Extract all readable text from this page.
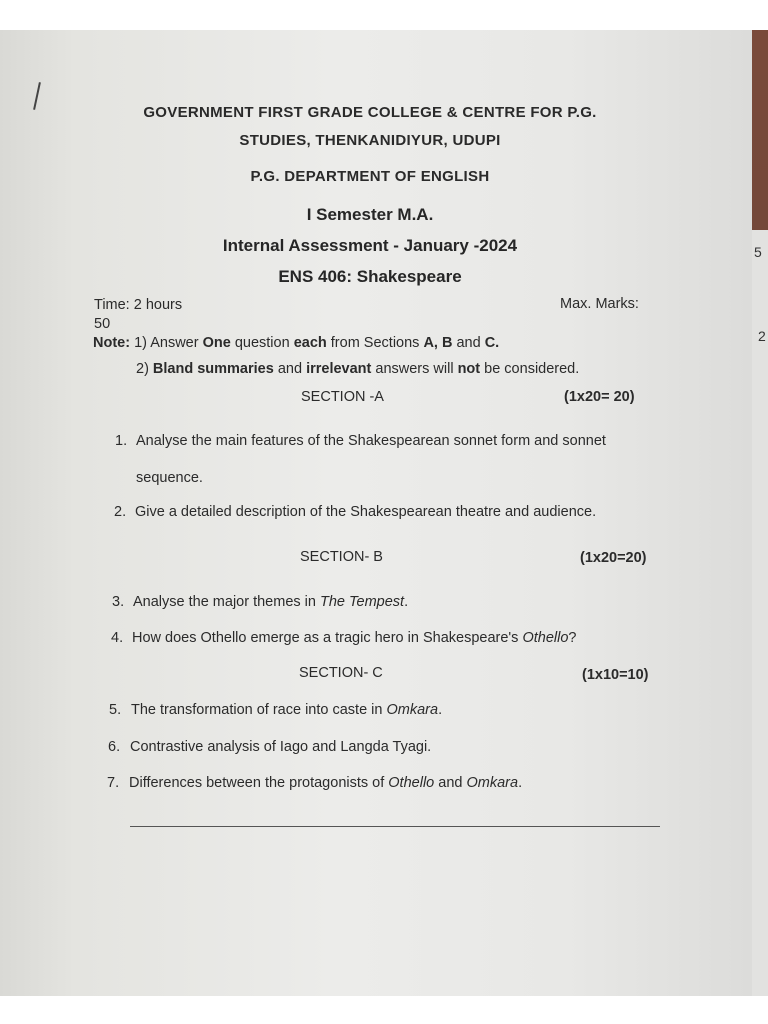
5
2
GOVERNMENT FIRST GRADE COLLEGE & CENTRE FOR P.G.
STUDIES, THENKANIDIYUR, UDUPI
P.G. DEPARTMENT OF ENGLISH
I Semester M.A.
Internal Assessment - January -2024
ENS 406: Shakespeare
Time: 2 hours	Max. Marks:
50
Note: 1) Answer One question each from Sections A, B and C.
2) Bland summaries and irrelevant answers will not be considered.
SECTION -A	(1x20= 20)
1. Analyse the main features of the Shakespearean sonnet form and sonnet
sequence.
2. Give a detailed description of the Shakespearean theatre and audience.
SECTION- B	(1x20=20)
3. Analyse the major themes in The Tempest.
4. How does Othello emerge as a tragic hero in Shakespeare's Othello?
SECTION- C	(1x10=10)
5. The transformation of race into caste in Omkara.
6. Contrastive analysis of Iago and Langda Tyagi.
7. Differences between the protagonists of Othello and Omkara.
